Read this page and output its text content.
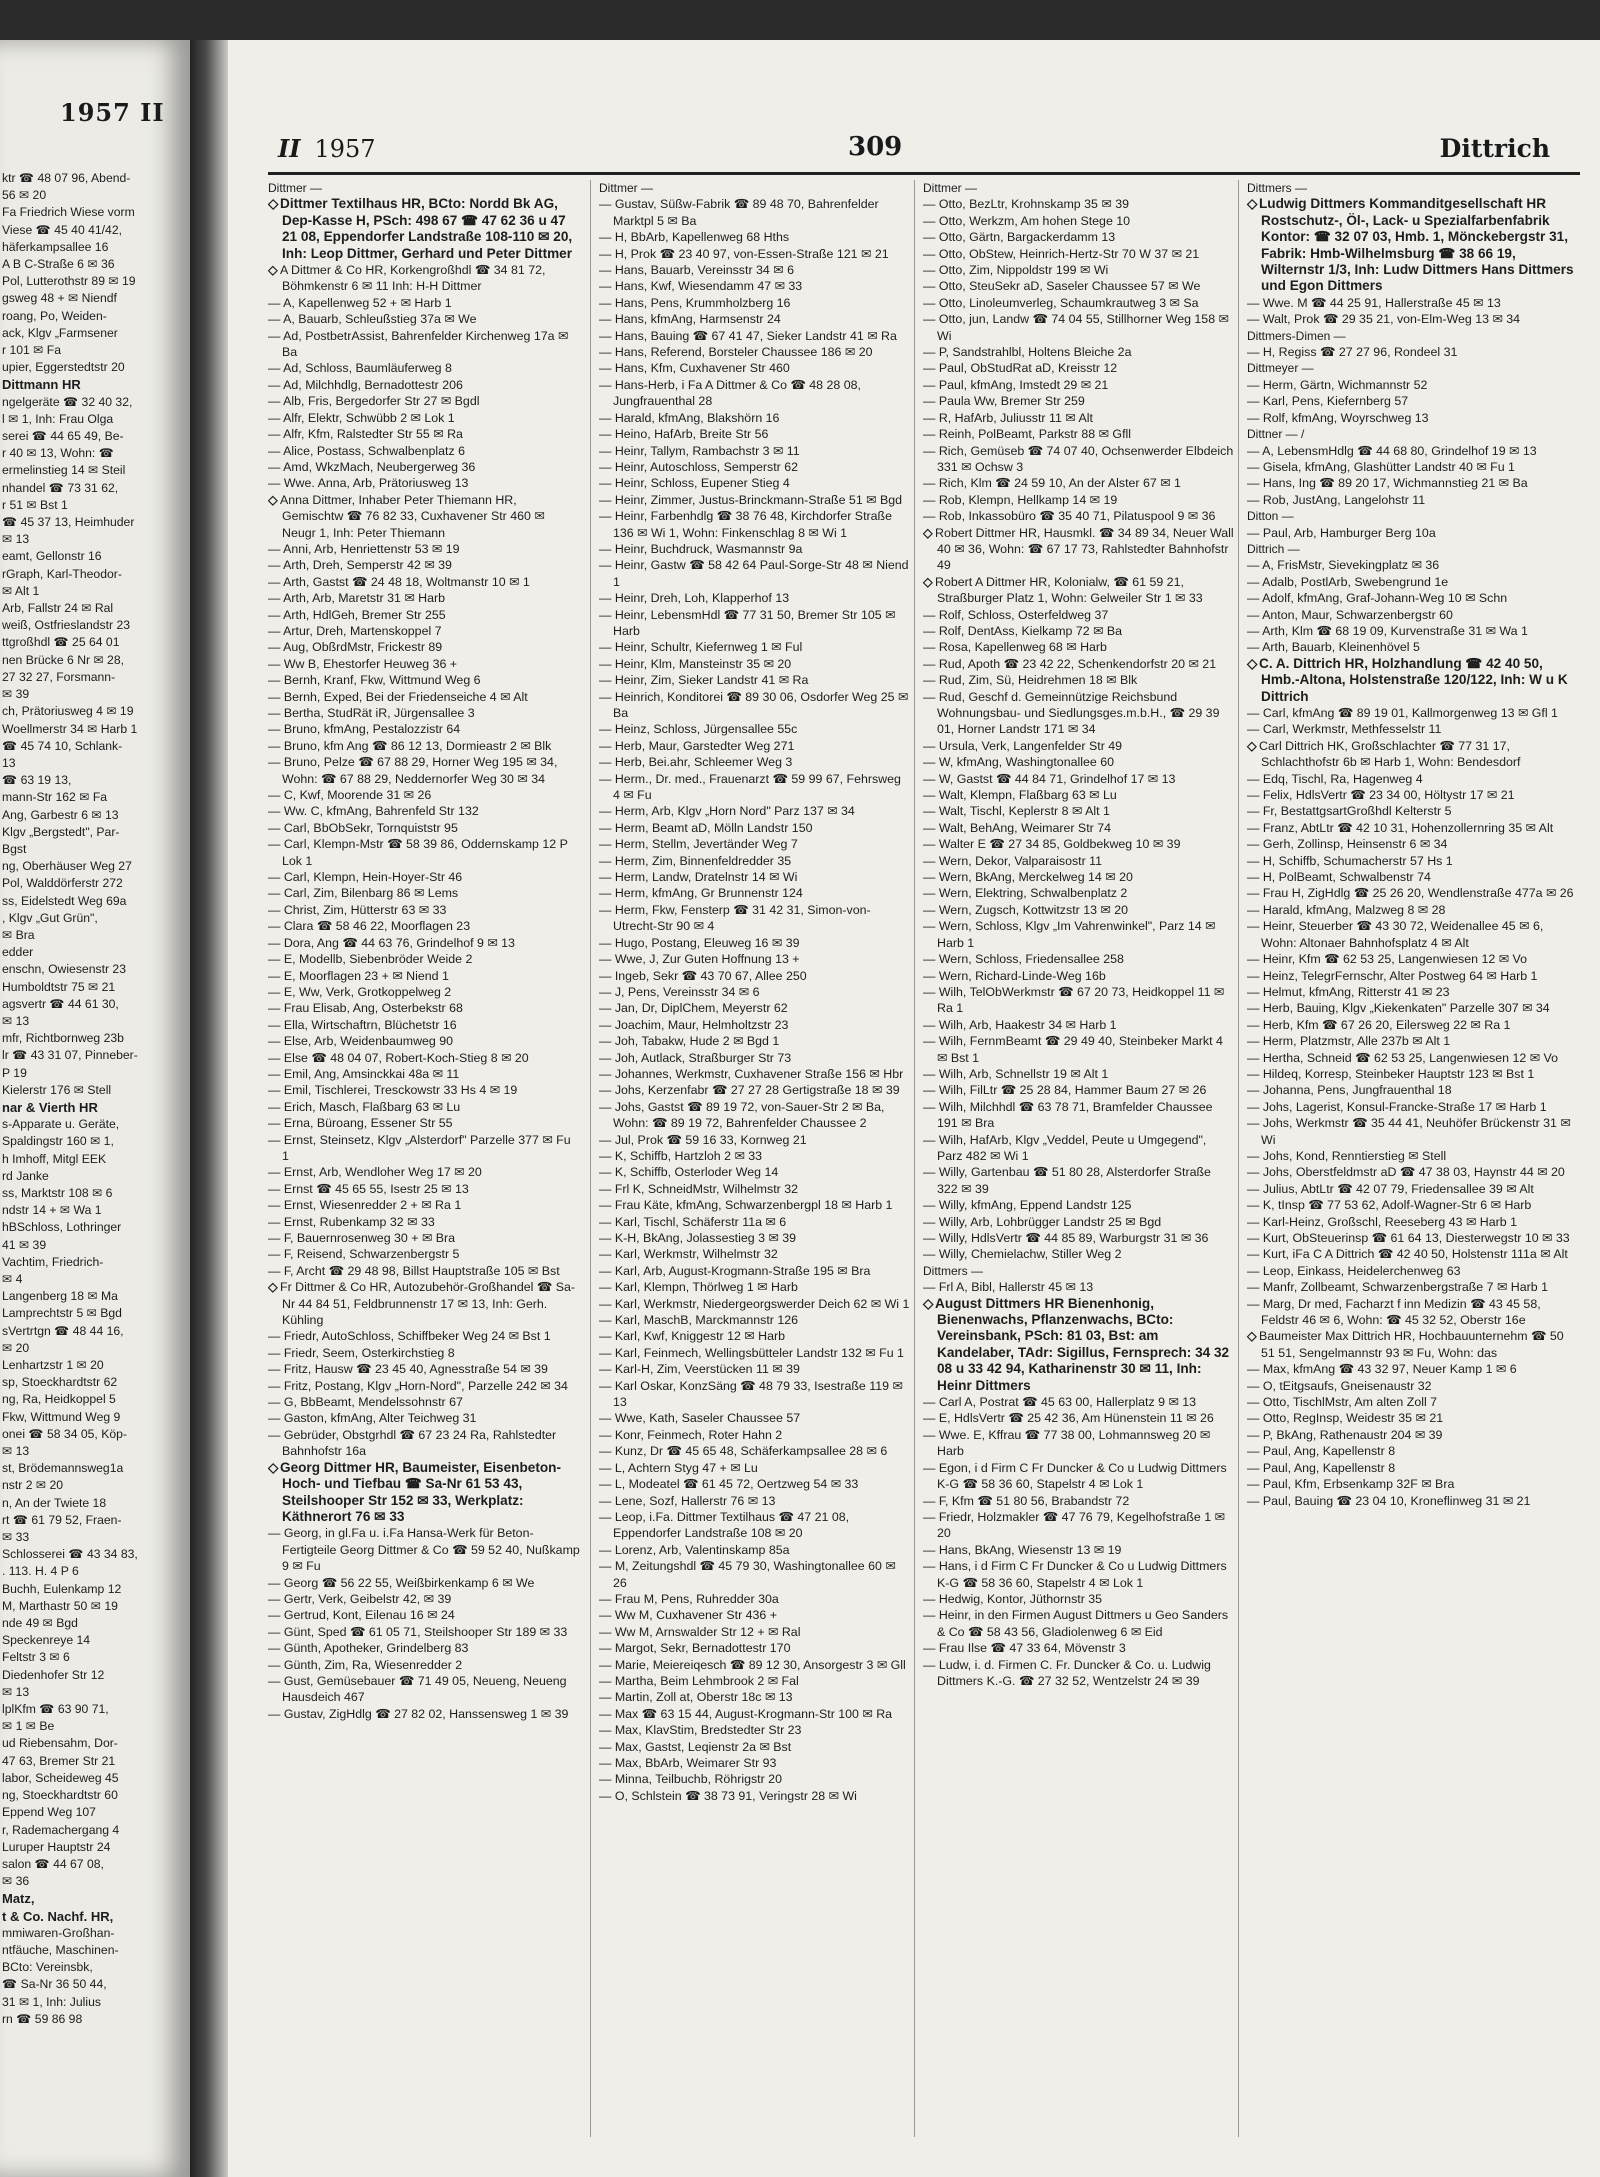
1957 II
ktr ☎ 48 07 96, Abend-
56 ✉ 20
Fa Friedrich Wiese vorm
Viese ☎ 45 40 41/42,
häferkampsallee 16
A B C-Straße 6 ✉ 36
Pol, Lutterothstr 89 ✉ 19
gsweg 48 + ✉ Niendf
roang, Po, Weiden-
ack, Klgv „Farmsener
r 101 ✉ Fa
upier, Eggerstedtstr 20
Dittmann HR
ngelgeräte ☎ 32 40 32,
l ✉ 1, Inh: Frau Olga
serei ☎ 44 65 49, Be-
r 40 ✉ 13, Wohn: ☎
ermelinstieg 14 ✉ Steil
nhandel ☎ 73 31 62,
r 51 ✉ Bst 1
☎ 45 37 13, Heimhuder
✉ 13
eamt, Gellonstr 16
rGraph, Karl-Theodor-
✉ Alt 1
Arb, Fallstr 24 ✉ Ral
weiß, Ostfrieslandstr 23
ttgroßhdl ☎ 25 64 01
nen Brücke 6 Nr ✉ 28,
27 32 27, Forsmann-
✉ 39
ch, Prätoriusweg 4 ✉ 19
Woellmerstr 34 ✉ Harb 1
☎ 45 74 10, Schlank-
13
☎ 63 19 13,
mann-Str 162 ✉ Fa
Ang, Garbestr 6 ✉ 13
Klgv „Bergstedt", Par-
Bgst
ng, Oberhäuser Weg 27
Pol, Walddörferstr 272
ss, Eidelstedt Weg 69a
, Klgv „Gut Grün",
✉ Bra
edder
enschn, Owiesenstr 23
Humboldtstr 75 ✉ 21
agsvertr ☎ 44 61 30,
✉ 13
mfr, Richtbornweg 23b
lr ☎ 43 31 07, Pinneber-
P 19
Kielerstr 176 ✉ Stell
nar & Vierth HR
s-Apparate u. Geräte,
Spaldingstr 160 ✉ 1,
h Imhoff, Mitgl EEK
rd Janke
ss, Marktstr 108 ✉ 6
ndstr 14 + ✉ Wa 1
hBSchloss, Lothringer
41 ✉ 39
Vachtim, Friedrich-
✉ 4
Langenberg 18 ✉ Ma
Lamprechtstr 5 ✉ Bgd
sVertrtgn ☎ 48 44 16,
✉ 20
Lenhartzstr 1 ✉ 20
sp, Stoeckhardtstr 62
ng, Ra, Heidkoppel 5
Fkw, Wittmund Weg 9
onei ☎ 58 34 05, Köp-
✉ 13
st, Brödemannsweg1a
nstr 2 ✉ 20
n, An der Twiete 18
rt ☎ 61 79 52, Fraen-
✉ 33
Schlosserei ☎ 43 34 83,
. 113. H. 4 P 6
Buchh, Eulenkamp 12
M, Marthastr 50 ✉ 19
nde 49 ✉ Bgd
Speckenreye 14
Feltstr 3 ✉ 6
Diedenhofer Str 12
✉ 13
lplKfm ☎ 63 90 71,
✉ 1 ✉ Be
ud Riebensahm, Dor-
47 63, Bremer Str 21
labor, Scheideweg 45
ng, Stoeckhardtstr 60
Eppend Weg 107
r, Rademachergang 4
Luruper Hauptstr 24
salon ☎ 44 67 08,
✉ 36
Matz,
t & Co. Nachf. HR,
mmiwaren-Großhan-
ntfäuche, Maschinen-
BCto: Vereinsbk,
☎ Sa-Nr 36 50 44,
31 ✉ 1, Inh: Julius
rn ☎ 59 86 98
II 1957	309	Dittrich
Dittmer —
◇ Dittmer Textilhaus HR, BCto: Nordd Bk AG, Dep-Kasse H, PSch: 498 67 ☎ 47 62 36 u 47 21 08, Eppendorfer Landstraße 108-110 ✉ 20, Inh: Leop Dittmer, Gerhard und Peter Dittmer
◇ A Dittmer & Co HR, Korkengroßhdl ☎ 34 81 72, Böhmkenstr 6 ✉ 11 Inh: H-H Dittmer
— A, Kapellenweg 52 + ✉ Harb 1
— A, Bauarb, Schleußstieg 37a ✉ We
— Ad, PostbetrAssist, Bahrenfelder Kirchenweg 17a ✉ Ba
— Ad, Schloss, Baumläuferweg 8
— Ad, Milchhdlg, Bernadottestr 206
— Alb, Fris, Bergedorfer Str 27 ✉ Bgdl
— Alfr, Elektr, Schwübb 2 ✉ Lok 1
— Alfr, Kfm, Ralstedter Str 55 ✉ Ra
— Alice, Postass, Schwalbenplatz 6
— Amd, WkzMach, Neubergerweg 36
— Wwe. Anna, Arb, Prätoriusweg 13
◇ Anna Dittmer, Inhaber Peter Thiemann HR, Gemischtw ☎ 76 82 33, Cuxhavener Str 460 ✉ Neugr 1, Inh: Peter Thiemann
— Anni, Arb, Henriettenstr 53 ✉ 19
— Arth, Dreh, Semperstr 42 ✉ 39
— Arth, Gastst ☎ 24 48 18, Woltmanstr 10 ✉ 1
— Arth, Arb, Maretstr 31 ✉ Harb
— Arth, HdlGeh, Bremer Str 255
— Artur, Dreh, Martenskoppel 7
— Aug, ObßrdMstr, Frickestr 89
— Ww B, Ehestorfer Heuweg 36 +
— Bernh, Kranf, Fkw, Wittmund Weg 6
— Bernh, Exped, Bei der Friedenseiche 4 ✉ Alt
— Bertha, StudRät iR, Jürgensallee 3
— Bruno, kfmAng, Pestalozzistr 64
— Bruno, kfm Ang ☎ 86 12 13, Dormieastr 2 ✉ Blk
— Bruno, Pelze ☎ 67 88 29, Horner Weg 195 ✉ 34, Wohn: ☎ 67 88 29, Neddernorfer Weg 30 ✉ 34
— C, Kwf, Moorende 31 ✉ 26
— Ww. C, kfmAng, Bahrenfeld Str 132
— Carl, BbObSekr, Tornquiststr 95
— Carl, Klempn-Mstr ☎ 58 39 86, Oddernskamp 12 P Lok 1
— Carl, Klempn, Hein-Hoyer-Str 46
— Carl, Zim, Bilenbarg 86 ✉ Lems
— Christ, Zim, Hütterstr 63 ✉ 33
— Clara ☎ 58 46 22, Moorflagen 23
— Dora, Ang ☎ 44 63 76, Grindelhof 9 ✉ 13
— E, Modellb, Siebenbröder Weide 2
— E, Moorflagen 23 + ✉ Niend 1
— E, Ww, Verk, Grotkoppelweg 2
— Frau Elisab, Ang, Osterbekstr 68
— Ella, Wirtschaftrn, Blüchetstr 16
— Else, Arb, Weidenbaumweg 90
— Else ☎ 48 04 07, Robert-Koch-Stieg 8 ✉ 20
— Emil, Ang, Amsinckkai 48a ✉ 11
— Emil, Tischlerei, Tresckowstr 33 Hs 4 ✉ 19
— Erich, Masch, Flaßbarg 63 ✉ Lu
— Erna, Büroang, Essener Str 55
— Ernst, Steinsetz, Klgv „Alsterdorf" Parzelle 377 ✉ Fu 1
— Ernst, Arb, Wendloher Weg 17 ✉ 20
— Ernst ☎ 45 65 55, Isestr 25 ✉ 13
— Ernst, Wiesenredder 2 + ✉ Ra 1
— Ernst, Rubenkamp 32 ✉ 33
— F, Bauernrosenweg 30 + ✉ Bra
— F, Reisend, Schwarzenbergstr 5
— F, Archt ☎ 29 48 98, Billst Hauptstraße 105 ✉ Bst
◇ Fr Dittmer & Co HR, Autozubehör-Großhandel ☎ Sa-Nr 44 84 51, Feldbrunnenstr 17 ✉ 13, Inh: Gerh. Kühling
— Friedr, AutoSchloss, Schiffbeker Weg 24 ✉ Bst 1
— Friedr, Seem, Osterkirchstieg 8
— Fritz, Hausw ☎ 23 45 40, Agnesstraße 54 ✉ 39
— Fritz, Postang, Klgv „Horn-Nord", Parzelle 242 ✉ 34
— G, BbBeamt, Mendelssohnstr 67
— Gaston, kfmAng, Alter Teichweg 31
— Gebrüder, Obstgrhdl ☎ 67 23 24 Ra, Rahlstedter Bahnhofstr 16a
◇ Georg Dittmer HR, Baumeister, Eisenbeton-Hoch- und Tiefbau ☎ Sa-Nr 61 53 43, Steilshooper Str 152 ✉ 33, Werkplatz: Käthnerort 76 ✉ 33
— Georg, in gl.Fa u. i.Fa Hansa-Werk für Beton-Fertigteile Georg Dittmer & Co ☎ 59 52 40, Nußkamp 9 ✉ Fu
— Georg ☎ 56 22 55, Weißbirkenkamp 6 ✉ We
— Gertr, Verk, Geibelstr 42, ✉ 39
— Gertrud, Kont, Eilenau 16 ✉ 24
— Günt, Sped ☎ 61 05 71, Steilshooper Str 189 ✉ 33
— Günth, Apotheker, Grindelberg 83
— Günth, Zim, Ra, Wiesenredder 2
— Gust, Gemüsebauer ☎ 71 49 05, Neueng, Neueng Hausdeich 467
— Gustav, ZigHdlg ☎ 27 82 02, Hanssensweg 1 ✉ 39
Dittmer —
— Gustav, Süßw-Fabrik ☎ 89 48 70, Bahrenfelder Marktpl 5 ✉ Ba
— H, BbArb, Kapellenweg 68 Hths
— H, Prok ☎ 23 40 97, von-Essen-Straße 121 ✉ 21
— Hans, Bauarb, Vereinsstr 34 ✉ 6
— Hans, Kwf, Wiesendamm 47 ✉ 33
— Hans, Pens, Krummholzberg 16
— Hans, kfmAng, Harmsenstr 24
— Hans, Bauing ☎ 67 41 47, Sieker Landstr 41 ✉ Ra
— Hans, Referend, Borsteler Chaussee 186 ✉ 20
— Hans, Kfm, Cuxhavener Str 460
— Hans-Herb, i Fa A Dittmer & Co ☎ 48 28 08, Jungfrauenthal 28
— Harald, kfmAng, Blakshörn 16
— Heino, HafArb, Breite Str 56
— Heinr, Tallym, Rambachstr 3 ✉ 11
— Heinr, Autoschloss, Semperstr 62
— Heinr, Schloss, Eupener Stieg 4
— Heinr, Zimmer, Justus-Brinckmann-Straße 51 ✉ Bgd
— Heinr, Farbenhdlg ☎ 38 76 48, Kirchdorfer Straße 136 ✉ Wi 1, Wohn: Finkenschlag 8 ✉ Wi 1
— Heinr, Buchdruck, Wasmannstr 9a
— Heinr, Gastw ☎ 58 42 64 Paul-Sorge-Str 48 ✉ Niend 1
— Heinr, Dreh, Loh, Klapperhof 13
— Heinr, LebensmHdl ☎ 77 31 50, Bremer Str 105 ✉ Harb
— Heinr, Schultr, Kiefernweg 1 ✉ Ful
— Heinr, Klm, Mansteinstr 35 ✉ 20
— Heinr, Zim, Sieker Landstr 41 ✉ Ra
— Heinrich, Konditorei ☎ 89 30 06, Osdorfer Weg 25 ✉ Ba
— Heinz, Schloss, Jürgensallee 55c
— Herb, Maur, Garstedter Weg 271
— Herb, Bei.ahr, Schleemer Weg 3
— Herm., Dr. med., Frauenarzt ☎ 59 99 67, Fehrsweg 4 ✉ Fu
— Herm, Arb, Klgv „Horn Nord" Parz 137 ✉ 34
— Herm, Beamt aD, Mölln Landstr 150
— Herm, Stellm, Jevertänder Weg 7
— Herm, Zim, Binnenfeldredder 35
— Herm, Landw, Dratelnstr 14 ✉ Wi
— Herm, kfmAng, Gr Brunnenstr 124
— Herm, Fkw, Fensterp ☎ 31 42 31, Simon-von-Utrecht-Str 90 ✉ 4
— Hugo, Postang, Eleuweg 16 ✉ 39
— Wwe, J, Zur Guten Hoffnung 13 +
— Ingeb, Sekr ☎ 43 70 67, Allee 250
— J, Pens, Vereinsstr 34 ✉ 6
— Jan, Dr, DiplChem, Meyerstr 62
— Joachim, Maur, Helmholtzstr 23
— Joh, Tabakw, Hude 2 ✉ Bgd 1
— Joh, Autlack, Straßburger Str 73
— Johannes, Werkmstr, Cuxhavener Straße 156 ✉ Hbr
— Johs, Kerzenfabr ☎ 27 27 28 Gertigstraße 18 ✉ 39
— Johs, Gastst ☎ 89 19 72, von-Sauer-Str 2 ✉ Ba, Wohn: ☎ 89 19 72, Bahrenfelder Chaussee 2
— Jul, Prok ☎ 59 16 33, Kornweg 21
— K, Schiffb, Hartzloh 2 ✉ 33
— K, Schiffb, Osterloder Weg 14
— Frl K, SchneidMstr, Wilhelmstr 32
— Frau Käte, kfmAng, Schwarzenbergpl 18 ✉ Harb 1
— Karl, Tischl, Schäferstr 11a ✉ 6
— K-H, BkAng, Jolassestieg 3 ✉ 39
— Karl, Werkmstr, Wilhelmstr 32
— Karl, Arb, August-Krogmann-Straße 195 ✉ Bra
— Karl, Klempn, Thörlweg 1 ✉ Harb
— Karl, Werkmstr, Niedergeorgswerder Deich 62 ✉ Wi 1
— Karl, MaschB, Marckmannstr 126
— Karl, Kwf, Kniggestr 12 ✉ Harb
— Karl, Feinmech, Wellingsbütteler Landstr 132 ✉ Fu 1
— Karl-H, Zim, Veerstücken 11 ✉ 39
— Karl Oskar, KonzSäng ☎ 48 79 33, Isestraße 119 ✉ 13
— Wwe, Kath, Saseler Chaussee 57
— Konr, Feinmech, Roter Hahn 2
— Kunz, Dr ☎ 45 65 48, Schäferkampsallee 28 ✉ 6
— L, Achtern Styg 47 + ✉ Lu
— L, Modeatel ☎ 61 45 72, Oertzweg 54 ✉ 33
— Lene, Sozf, Hallerstr 76 ✉ 13
— Leop, i.Fa. Dittmer Textilhaus ☎ 47 21 08, Eppendorfer Landstraße 108 ✉ 20
— Lorenz, Arb, Valentinskamp 85a
— M, Zeitungshdl ☎ 45 79 30, Washingtonallee 60 ✉ 26
— Frau M, Pens, Ruhredder 30a
— Ww M, Cuxhavener Str 436 +
— Ww M, Arnswalder Str 12 + ✉ Ral
— Margot, Sekr, Bernadottestr 170
— Marie, Meiereiqesch ☎ 89 12 30, Ansorgestr 3 ✉ Gll
— Martha, Beim Lehmbrook 2 ✉ Fal
— Martin, Zoll at, Oberstr 18c ✉ 13
— Max ☎ 63 15 44, August-Krogmann-Str 100 ✉ Ra
— Max, KlavStim, Bredstedter Str 23
— Max, Gastst, Leqienstr 2a ✉ Bst
— Max, BbArb, Weimarer Str 93
— Minna, Teilbuchb, Röhrigstr 20
— O, Schlstein ☎ 38 73 91, Veringstr 28 ✉ Wi
Dittmer —
— Otto, BezLtr, Krohnskamp 35 ✉ 39
— Otto, Werkzm, Am hohen Stege 10
— Otto, Gärtn, Bargackerdamm 13
— Otto, ObStew, Heinrich-Hertz-Str 70 W 37 ✉ 21
— Otto, Zim, Nippoldstr 199 ✉ Wi
— Otto, SteuSekr aD, Saseler Chaussee 57 ✉ We
— Otto, Linoleumverleg, Schaumkrautweg 3 ✉ Sa
— Otto, jun, Landw ☎ 74 04 55, Stillhorner Weg 158 ✉ Wi
— P, Sandstrahlbl, Holtens Bleiche 2a
— Paul, ObStudRat aD, Kreisstr 12
— Paul, kfmAng, Imstedt 29 ✉ 21
— Paula Ww, Bremer Str 259
— R, HafArb, Juliusstr 11 ✉ Alt
— Reinh, PolBeamt, Parkstr 88 ✉ Gfll
— Rich, Gemüseb ☎ 74 07 40, Ochsenwerder Elbdeich 331 ✉ Ochsw 3
— Rich, Klm ☎ 24 59 10, An der Alster 67 ✉ 1
— Rob, Klempn, Hellkamp 14 ✉ 19
— Rob, Inkassobüro ☎ 35 40 71, Pilatuspool 9 ✉ 36
◇ Robert Dittmer HR, Hausmkl. ☎ 34 89 34, Neuer Wall 40 ✉ 36, Wohn: ☎ 67 17 73, Rahlstedter Bahnhofstr 49
◇ Robert A Dittmer HR, Kolonialw, ☎ 61 59 21, Straßburger Platz 1, Wohn: Gelweiler Str 1 ✉ 33
— Rolf, Schloss, Osterfeldweg 37
— Rolf, DentAss, Kielkamp 72 ✉ Ba
— Rosa, Kapellenweg 68 ✉ Harb
— Rud, Apoth ☎ 23 42 22, Schenkendorfstr 20 ✉ 21
— Rud, Zim, Sü, Heidrehmen 18 ✉ Blk
— Rud, Geschf d. Gemeinnützige Reichsbund Wohnungsbau- und Siedlungsges.m.b.H., ☎ 29 39 01, Horner Landstr 171 ✉ 34
— Ursula, Verk, Langenfelder Str 49
— W, kfmAng, Washingtonallee 60
— W, Gastst ☎ 44 84 71, Grindelhof 17 ✉ 13
— Walt, Klempn, Flaßbarg 63 ✉ Lu
— Walt, Tischl, Keplerstr 8 ✉ Alt 1
— Walt, BehAng, Weimarer Str 74
— Walter E ☎ 27 34 85, Goldbekweg 10 ✉ 39
— Wern, Dekor, Valparaisostr 11
— Wern, BkAng, Merckelweg 14 ✉ 20
— Wern, Elektring, Schwalbenplatz 2
— Wern, Zugsch, Kottwitzstr 13 ✉ 20
— Wern, Schloss, Klgv „Im Vahrenwinkel", Parz 14 ✉ Harb 1
— Wern, Schloss, Friedensallee 258
— Wern, Richard-Linde-Weg 16b
— Wilh, TelObWerkmstr ☎ 67 20 73, Heidkoppel 11 ✉ Ra 1
— Wilh, Arb, Haakestr 34 ✉ Harb 1
— Wilh, FernmBeamt ☎ 29 49 40, Steinbeker Markt 4 ✉ Bst 1
— Wilh, Arb, Schnellstr 19 ✉ Alt 1
— Wilh, FilLtr ☎ 25 28 84, Hammer Baum 27 ✉ 26
— Wilh, Milchhdl ☎ 63 78 71, Bramfelder Chaussee 191 ✉ Bra
— Wilh, HafArb, Klgv „Veddel, Peute u Umgegend", Parz 482 ✉ Wi 1
— Willy, Gartenbau ☎ 51 80 28, Alsterdorfer Straße 322 ✉ 39
— Willy, kfmAng, Eppend Landstr 125
— Willy, Arb, Lohbrügger Landstr 25 ✉ Bgd
— Willy, HdlsVertr ☎ 44 85 89, Warburgstr 31 ✉ 36
— Willy, Chemielachw, Stiller Weg 2
Dittmers —
— Frl A, Bibl, Hallerstr 45 ✉ 13
◇ August Dittmers HR Bienenhonig, Bienenwachs, Pflanzenwachs, BCto: Vereinsbank, PSch: 81 03, Bst: am Kandelaber, TAdr: Sigillus, Fernsprech: 34 32 08 u 33 42 94, Katharinenstr 30 ✉ 11, Inh: Heinr Dittmers
— Carl A, Postrat ☎ 45 63 00, Hallerplatz 9 ✉ 13
— E, HdlsVertr ☎ 25 42 36, Am Hünenstein 11 ✉ 26
— Wwe. E, Kffrau ☎ 77 38 00, Lohmannsweg 20 ✉ Harb
— Egon, i d Firm C Fr Duncker & Co u Ludwig Dittmers K-G ☎ 58 36 60, Stapelstr 4 ✉ Lok 1
— F, Kfm ☎ 51 80 56, Brabandstr 72
— Friedr, Holzmakler ☎ 47 76 79, Kegelhofstraße 1 ✉ 20
— Hans, BkAng, Wiesenstr 13 ✉ 19
— Hans, i d Firm C Fr Duncker & Co u Ludwig Dittmers K-G ☎ 58 36 60, Stapelstr 4 ✉ Lok 1
— Hedwig, Kontor, Jüthornstr 35
— Heinr, in den Firmen August Dittmers u Geo Sanders & Co ☎ 58 43 56, Gladiolenweg 6 ✉ Eid
— Frau Ilse ☎ 47 33 64, Mövenstr 3
— Ludw, i. d. Firmen C. Fr. Duncker & Co. u. Ludwig Dittmers K.-G. ☎ 27 32 52, Wentzelstr 24 ✉ 39
Dittmers —
◇ Ludwig Dittmers Kommanditgesellschaft HR Rostschutz-, Öl-, Lack- u Spezialfarbenfabrik Kontor: ☎ 32 07 03, Hmb. 1, Mönckebergstr 31, Fabrik: Hmb-Wilhelmsburg ☎ 38 66 19, Wilternstr 1/3, Inh: Ludw Dittmers Hans Dittmers und Egon Dittmers
— Wwe. M ☎ 44 25 91, Hallerstraße 45 ✉ 13
— Walt, Prok ☎ 29 35 21, von-Elm-Weg 13 ✉ 34
Dittmers-Dimen —
— H, Regiss ☎ 27 27 96, Rondeel 31
Dittmeyer —
— Herm, Gärtn, Wichmannstr 52
— Karl, Pens, Kiefernberg 57
— Rolf, kfmAng, Woyrschweg 13
Dittner — /
— A, LebensmHdlg ☎ 44 68 80, Grindelhof 19 ✉ 13
— Gisela, kfmAng, Glashütter Landstr 40 ✉ Fu 1
— Hans, Ing ☎ 89 20 17, Wichmannstieg 21 ✉ Ba
— Rob, JustAng, Langelohstr 11
Ditton —
— Paul, Arb, Hamburger Berg 10a
Dittrich —
— A, FrisMstr, Sievekingplatz ✉ 36
— Adalb, PostlArb, Swebengrund 1e
— Adolf, kfmAng, Graf-Johann-Weg 10 ✉ Schn
— Anton, Maur, Schwarzenbergstr 60
— Arth, Klm ☎ 68 19 09, Kurvenstraße 31 ✉ Wa 1
— Arth, Bauarb, Kleinenhövel 5
◇ C. A. Dittrich HR, Holzhandlung ☎ 42 40 50, Hmb.-Altona, Holstenstraße 120/122, Inh: W u K Dittrich
— Carl, kfmAng ☎ 89 19 01, Kallmorgenweg 13 ✉ Gfl 1
— Carl, Werkmstr, Methfesselstr 11
◇ Carl Dittrich HK, Großschlachter ☎ 77 31 17, Schlachthofstr 6b ✉ Harb 1, Wohn: Bendesdorf
— Edq, Tischl, Ra, Hagenweg 4
— Felix, HdlsVertr ☎ 23 34 00, Höltystr 17 ✉ 21
— Fr, BestattgsartGroßhdl Kelterstr 5
— Franz, AbtLtr ☎ 42 10 31, Hohenzollernring 35 ✉ Alt
— Gerh, Zollinsp, Heinsenstr 6 ✉ 34
— H, Schiffb, Schumacherstr 57 Hs 1
— H, PolBeamt, Schwalbenstr 74
— Frau H, ZigHdlg ☎ 25 26 20, Wendlenstraße 477a ✉ 26
— Harald, kfmAng, Malzweg 8 ✉ 28
— Heinr, Steuerber ☎ 43 30 72, Weidenallee 45 ✉ 6, Wohn: Altonaer Bahnhofsplatz 4 ✉ Alt
— Heinr, Kfm ☎ 62 53 25, Langenwiesen 12 ✉ Vo
— Heinz, TelegrFernschr, Alter Postweg 64 ✉ Harb 1
— Helmut, kfmAng, Ritterstr 41 ✉ 23
— Herb, Bauing, Klgv „Kiekenkaten" Parzelle 307 ✉ 34
— Herb, Kfm ☎ 67 26 20, Eilersweg 22 ✉ Ra 1
— Herm, Platzmstr, Alle 237b ✉ Alt 1
— Hertha, Schneid ☎ 62 53 25, Langenwiesen 12 ✉ Vo
— Hildeq, Korresp, Steinbeker Hauptstr 123 ✉ Bst 1
— Johanna, Pens, Jungfrauenthal 18
— Johs, Lagerist, Konsul-Francke-Straße 17 ✉ Harb 1
— Johs, Werkmstr ☎ 35 44 41, Neuhöfer Brückenstr 31 ✉ Wi
— Johs, Kond, Renntierstieg ✉ Stell
— Johs, Oberstfeldmstr aD ☎ 47 38 03, Haynstr 44 ✉ 20
— Julius, AbtLtr ☎ 42 07 79, Friedensallee 39 ✉ Alt
— K, tInsp ☎ 77 53 62, Adolf-Wagner-Str 6 ✉ Harb
— Karl-Heinz, Großschl, Reeseberg 43 ✉ Harb 1
— Kurt, ObSteuerinsp ☎ 61 64 13, Diesterwegstr 10 ✉ 33
— Kurt, iFa C A Dittrich ☎ 42 40 50, Holstenstr 111a ✉ Alt
— Leop, Einkass, Heidelerchenweg 63
— Manfr, Zollbeamt, Schwarzenbergstraße 7 ✉ Harb 1
— Marg, Dr med, Facharzt f inn Medizin ☎ 43 45 58, Feldstr 46 ✉ 6, Wohn: ☎ 45 32 52, Oberstr 16e
◇ Baumeister Max Dittrich HR, Hochbauunternehm ☎ 50 51 51, Sengelmannstr 93 ✉ Fu, Wohn: das
— Max, kfmAng ☎ 43 32 97, Neuer Kamp 1 ✉ 6
— O, tEitgsaufs, Gneisenaustr 32
— Otto, TischlMstr, Am alten Zoll 7
— Otto, RegInsp, Weidestr 35 ✉ 21
— P, BkAng, Rathenaustr 204 ✉ 39
— Paul, Ang, Kapellenstr 8
— Paul, Ang, Kapellenstr 8
— Paul, Kfm, Erbsenkamp 32F ✉ Bra
— Paul, Bauing ☎ 23 04 10, Kroneflinweg 31 ✉ 21
